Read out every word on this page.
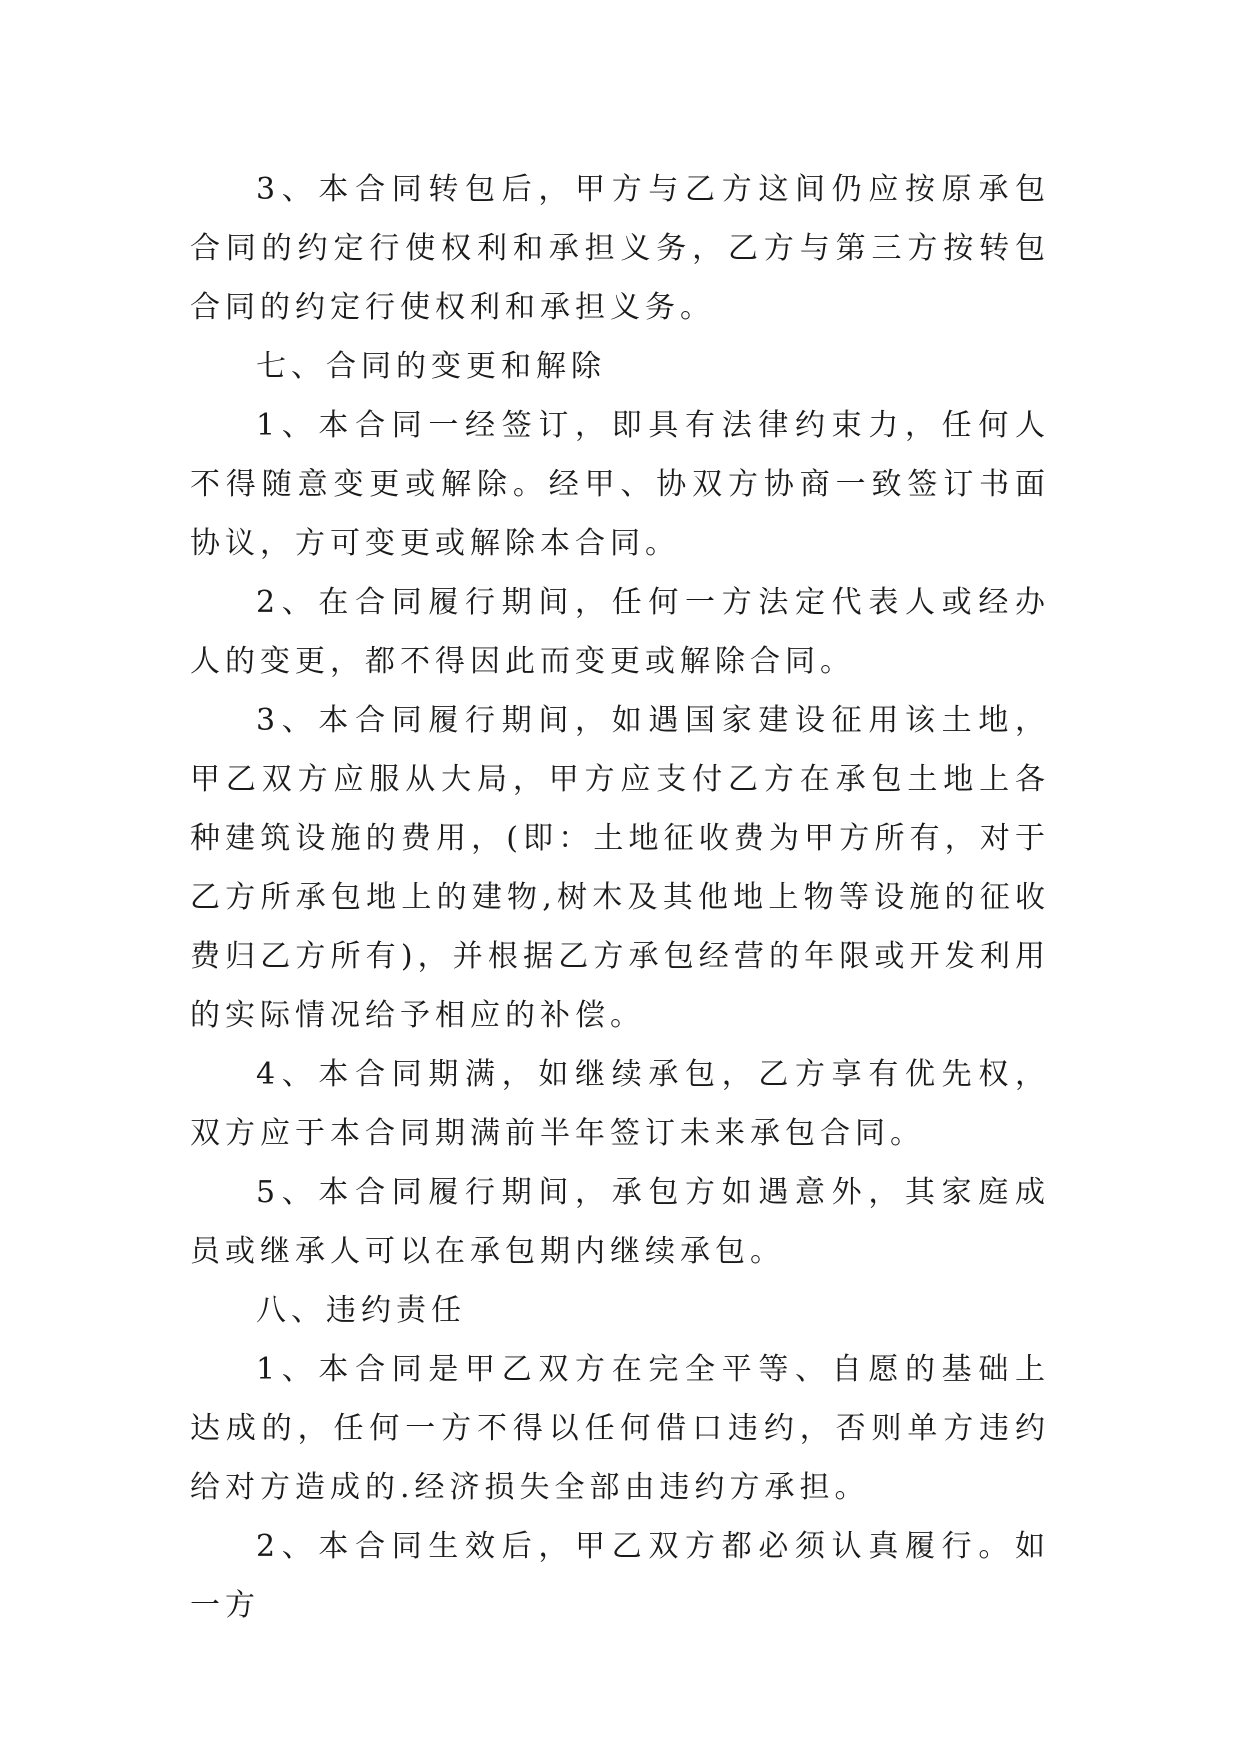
3、本合同转包后，甲方与乙方这间仍应按原承包合同的约定行使权利和承担义务，乙方与第三方按转包合同的约定行使权利和承担义务。

七、合同的变更和解除

1、本合同一经签订，即具有法律约束力，任何人不得随意变更或解除。经甲、协双方协商一致签订书面协议，方可变更或解除本合同。

2、在合同履行期间，任何一方法定代表人或经办人的变更，都不得因此而变更或解除合同。

3、本合同履行期间，如遇国家建设征用该土地，甲乙双方应服从大局，甲方应支付乙方在承包土地上各种建筑设施的费用，(即：土地征收费为甲方所有，对于乙方所承包地上的建物,树木及其他地上物等设施的征收费归乙方所有)，并根据乙方承包经营的年限或开发利用的实际情况给予相应的补偿。

4、本合同期满，如继续承包，乙方享有优先权，双方应于本合同期满前半年签订未来承包合同。

5、本合同履行期间，承包方如遇意外，其家庭成员或继承人可以在承包期内继续承包。

八、违约责任

1、本合同是甲乙双方在完全平等、自愿的基础上达成的，任何一方不得以任何借口违约，否则单方违约给对方造成的.经济损失全部由违约方承担。

2、本合同生效后，甲乙双方都必须认真履行。如一方
